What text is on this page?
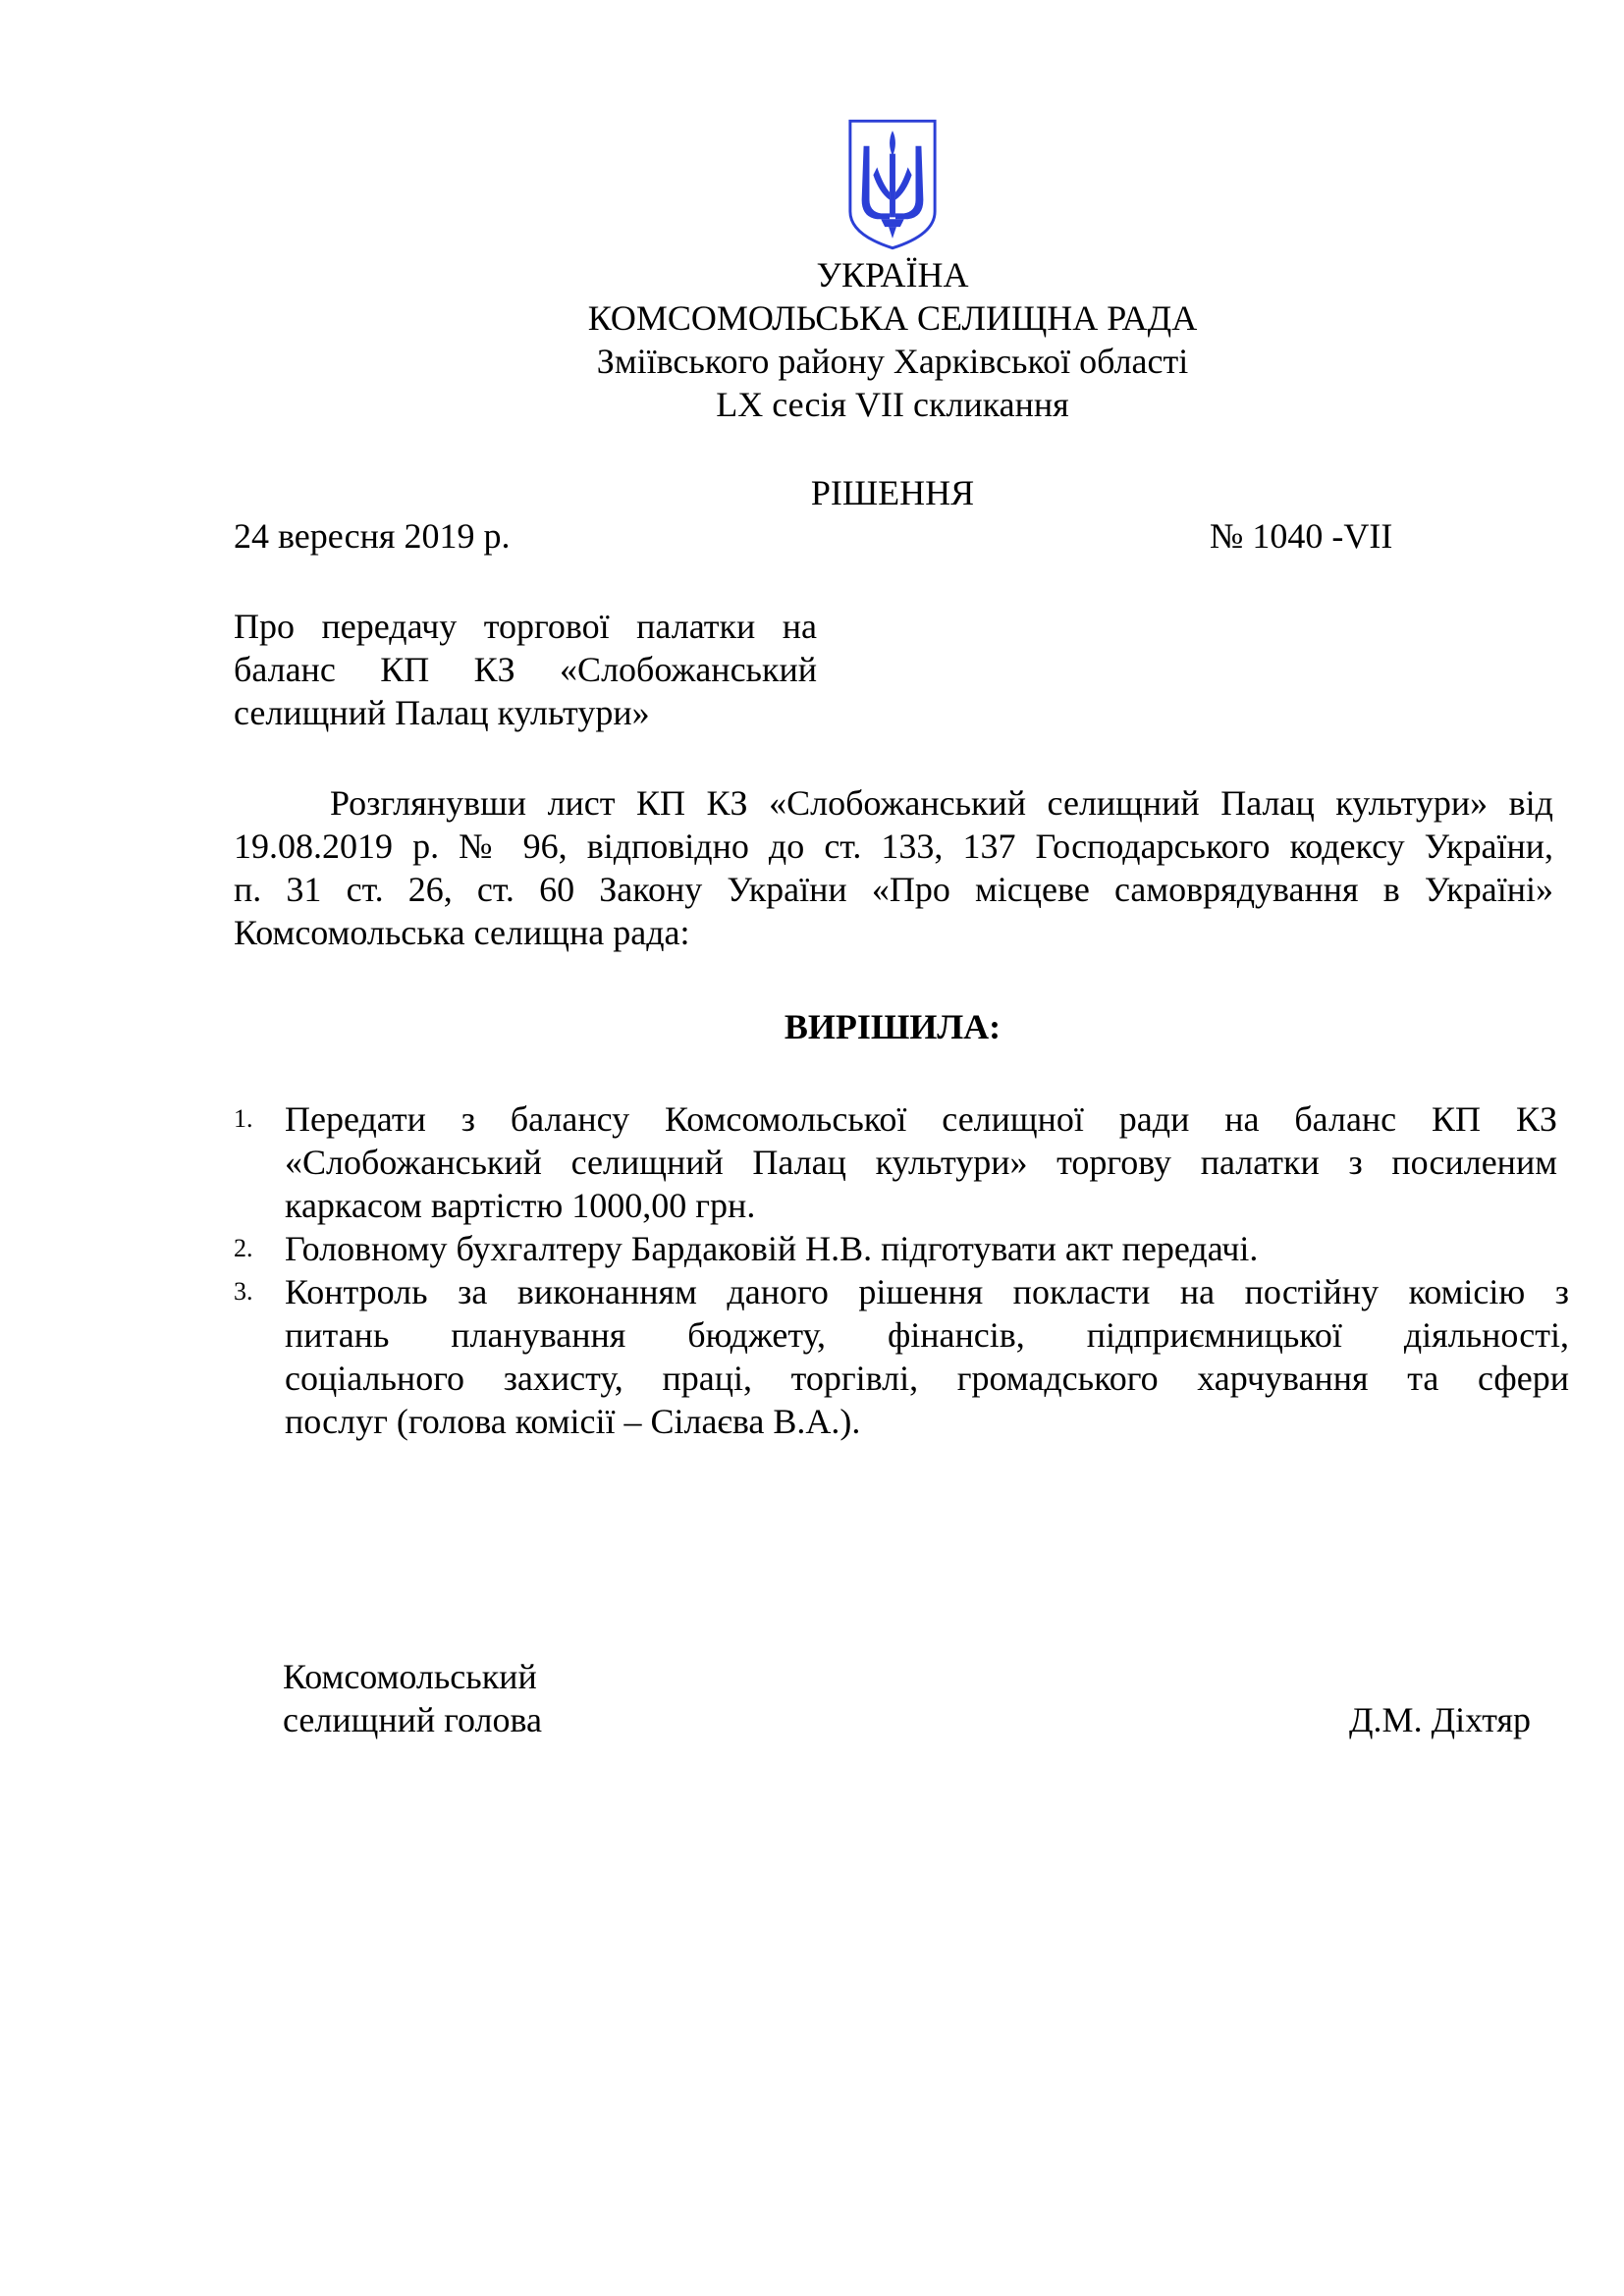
УКРАЇНА
КОМСОМОЛЬСЬКА СЕЛИЩНА РАДА
Зміївського району Харківської області
LX сесія VII скликання
РІШЕННЯ
24 вересня 2019 р.	№ 1040 -VII
Про передачу торгової палатки на
баланс КП КЗ «Слобожанський
селищний Палац культури»
Розглянувши лист КП КЗ «Слобожанський селищний Палац культури» від
19.08.2019 р. № 96, відповідно до ст. 133, 137 Господарського кодексу України,
п. 31 ст. 26, ст. 60 Закону України «Про місцеве самоврядування в Україні»
Комсомольська селищна рада:
ВИРІШИЛА:
1. Передати з балансу Комсомольської селищної ради на баланс КП КЗ
«Слобожанський селищний Палац культури» торгову палатки з посиленим
каркасом вартістю 1000,00 грн.
2. Головному бухгалтеру Бардаковій Н.В. підготувати акт передачі.
3. Контроль за виконанням даного рішення покласти на постійну комісію з
питань планування бюджету, фінансів, підприємницької діяльності,
соціального захисту, праці, торгівлі, громадського харчування та сфери
послуг (голова комісії – Сілаєва В.А.).
Комсомольський
селищний голова	Д.М. Діхтяр
